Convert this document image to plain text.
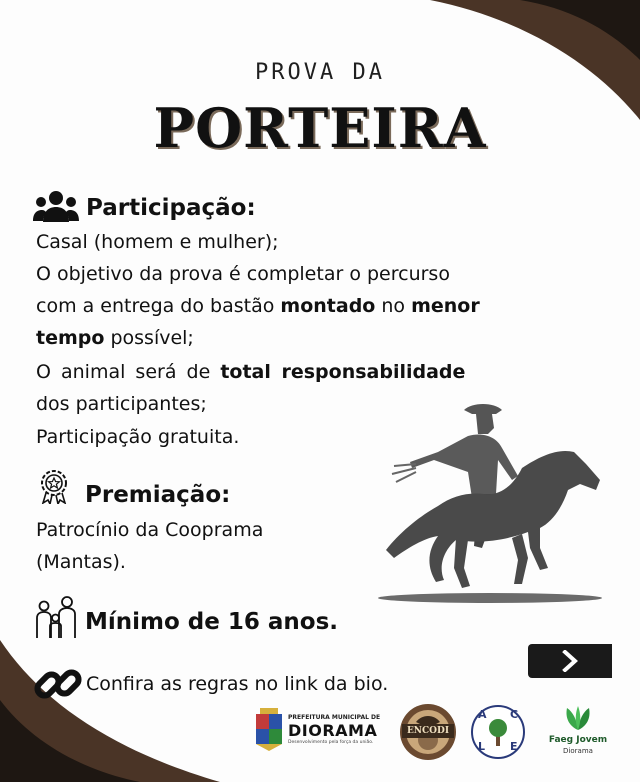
PROVA DA
PORTEIRA
Participação:
Casal (homem e mulher);
O objetivo da prova é completar o percurso
com a entrega do bastão montado no menor
tempo possível;
O animal será de total responsabilidade
dos participantes;
Participação gratuita.
Premiação:
Patrocínio da Cooprama
(Mantas).
Mínimo de 16 anos.
Confira as regras no link da bio.
PREFEITURA MUNICIPAL DE
DIORAMA
Desenvolvimento pela força da união.
ENCODI
A C
L E	Faeg Jovem
Diorama
